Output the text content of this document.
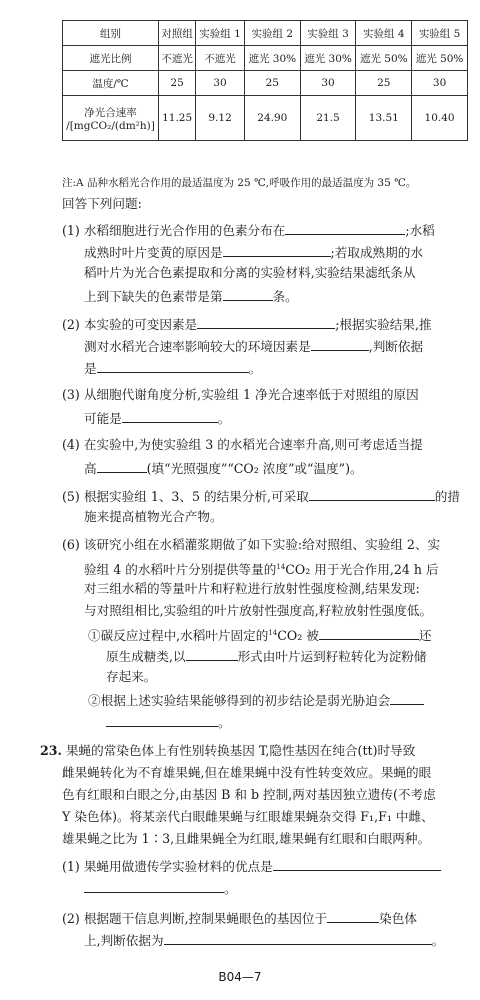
组别	对照组	实验组 1	实验组 2	实验组 3	实验组 4	实验组 5
遮光比例	不遮光	不遮光	遮光 30%	遮光 30%	遮光 50%	遮光 50%
温度/℃	25	30	25	30	25	30

净光合速率
/[mgCO₂/(dm²h)]	11.25	9.12	24.90	21.5	13.51	10.40
注:A 品种水稻光合作用的最适温度为 25 ℃,呼吸作用的最适温度为 35 ℃。
回答下列问题:
(1) 水稻细胞进行光合作用的色素分布在	;水稻
成熟时叶片变黄的原因是	;若取成熟期的水
稻叶片为光合色素提取和分离的实验材料,实验结果滤纸条从
上到下缺失的色素带是第	条。
(2) 本实验的可变因素是	;根据实验结果,推
测对水稻光合速率影响较大的环境因素是	,判断依据
是	。
(3) 从细胞代谢角度分析,实验组 1 净光合速率低于对照组的原因
可能是	。
(4) 在实验中,为使实验组 3 的水稻光合速率升高,则可考虑适当提
高	(填“光照强度”“CO₂ 浓度”或“温度”)。
(5) 根据实验组 1、3、5 的结果分析,可采取	的措
施来提高植物光合产物。
(6) 该研究小组在水稻灌浆期做了如下实验:给对照组、实验组 2、实
验组 4 的水稻叶片分别提供等量的$^{14}$CO₂ 用于光合作用,24 h 后
对三组水稻的等量叶片和籽粒进行放射性强度检测,结果发现:
与对照组相比,实验组的叶片放射性强度高,籽粒放射性强度低。
①碳反应过程中,水稻叶片固定的$^{14}$CO₂ 被	还
原生成糖类,以	形式由叶片运到籽粒转化为淀粉储
存起来。
②根据上述实验结果能够得到的初步结论是弱光胁迫会
。
23. 果蝇的常染色体上有性别转换基因 T,隐性基因在纯合(tt)时导致
雌果蝇转化为不育雄果蝇,但在雄果蝇中没有性转变效应。果蝇的眼
色有红眼和白眼之分,由基因 B 和 b 控制,两对基因独立遗传(不考虑
Y 染色体)。将某亲代白眼雌果蝇与红眼雄果蝇杂交得 F₁,F₁ 中雌、
雄果蝇之比为 1∶3,且雌果蝇全为红眼,雄果蝇有红眼和白眼两种。
(1) 果蝇用做遗传学实验材料的优点是
。
(2) 根据题干信息判断,控制果蝇眼色的基因位于	染色体
上,判断依据为	。
B04—7
